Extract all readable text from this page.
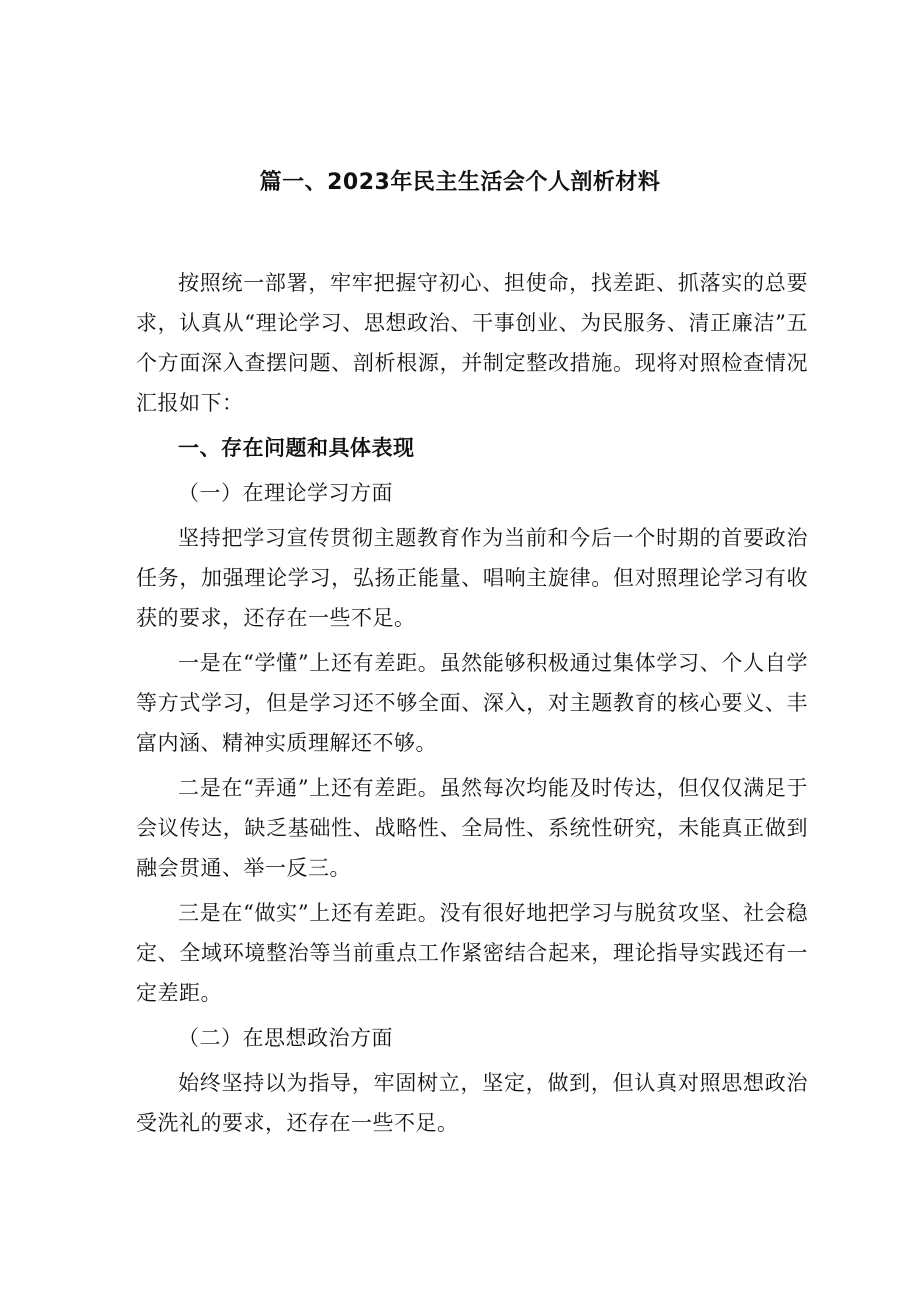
篇一、2023年民主生活会个人剖析材料

按照统一部署，牢牢把握守初心、担使命，找差距、抓落实的总要求，认真从“理论学习、思想政治、干事创业、为民服务、清正廉洁”五个方面深入查摆问题、剖析根源，并制定整改措施。现将对照检查情况汇报如下：

一、存在问题和具体表现

（一）在理论学习方面

坚持把学习宣传贯彻主题教育作为当前和今后一个时期的首要政治任务，加强理论学习，弘扬正能量、唱响主旋律。但对照理论学习有收获的要求，还存在一些不足。

一是在“学懂”上还有差距。虽然能够积极通过集体学习、个人自学等方式学习，但是学习还不够全面、深入，对主题教育的核心要义、丰富内涵、精神实质理解还不够。

二是在“弄通”上还有差距。虽然每次均能及时传达，但仅仅满足于会议传达，缺乏基础性、战略性、全局性、系统性研究，未能真正做到融会贯通、举一反三。

三是在“做实”上还有差距。没有很好地把学习与脱贫攻坚、社会稳定、全域环境整治等当前重点工作紧密结合起来，理论指导实践还有一定差距。

（二）在思想政治方面

始终坚持以为指导，牢固树立，坚定，做到，但认真对照思想政治受洗礼的要求，还存在一些不足。
